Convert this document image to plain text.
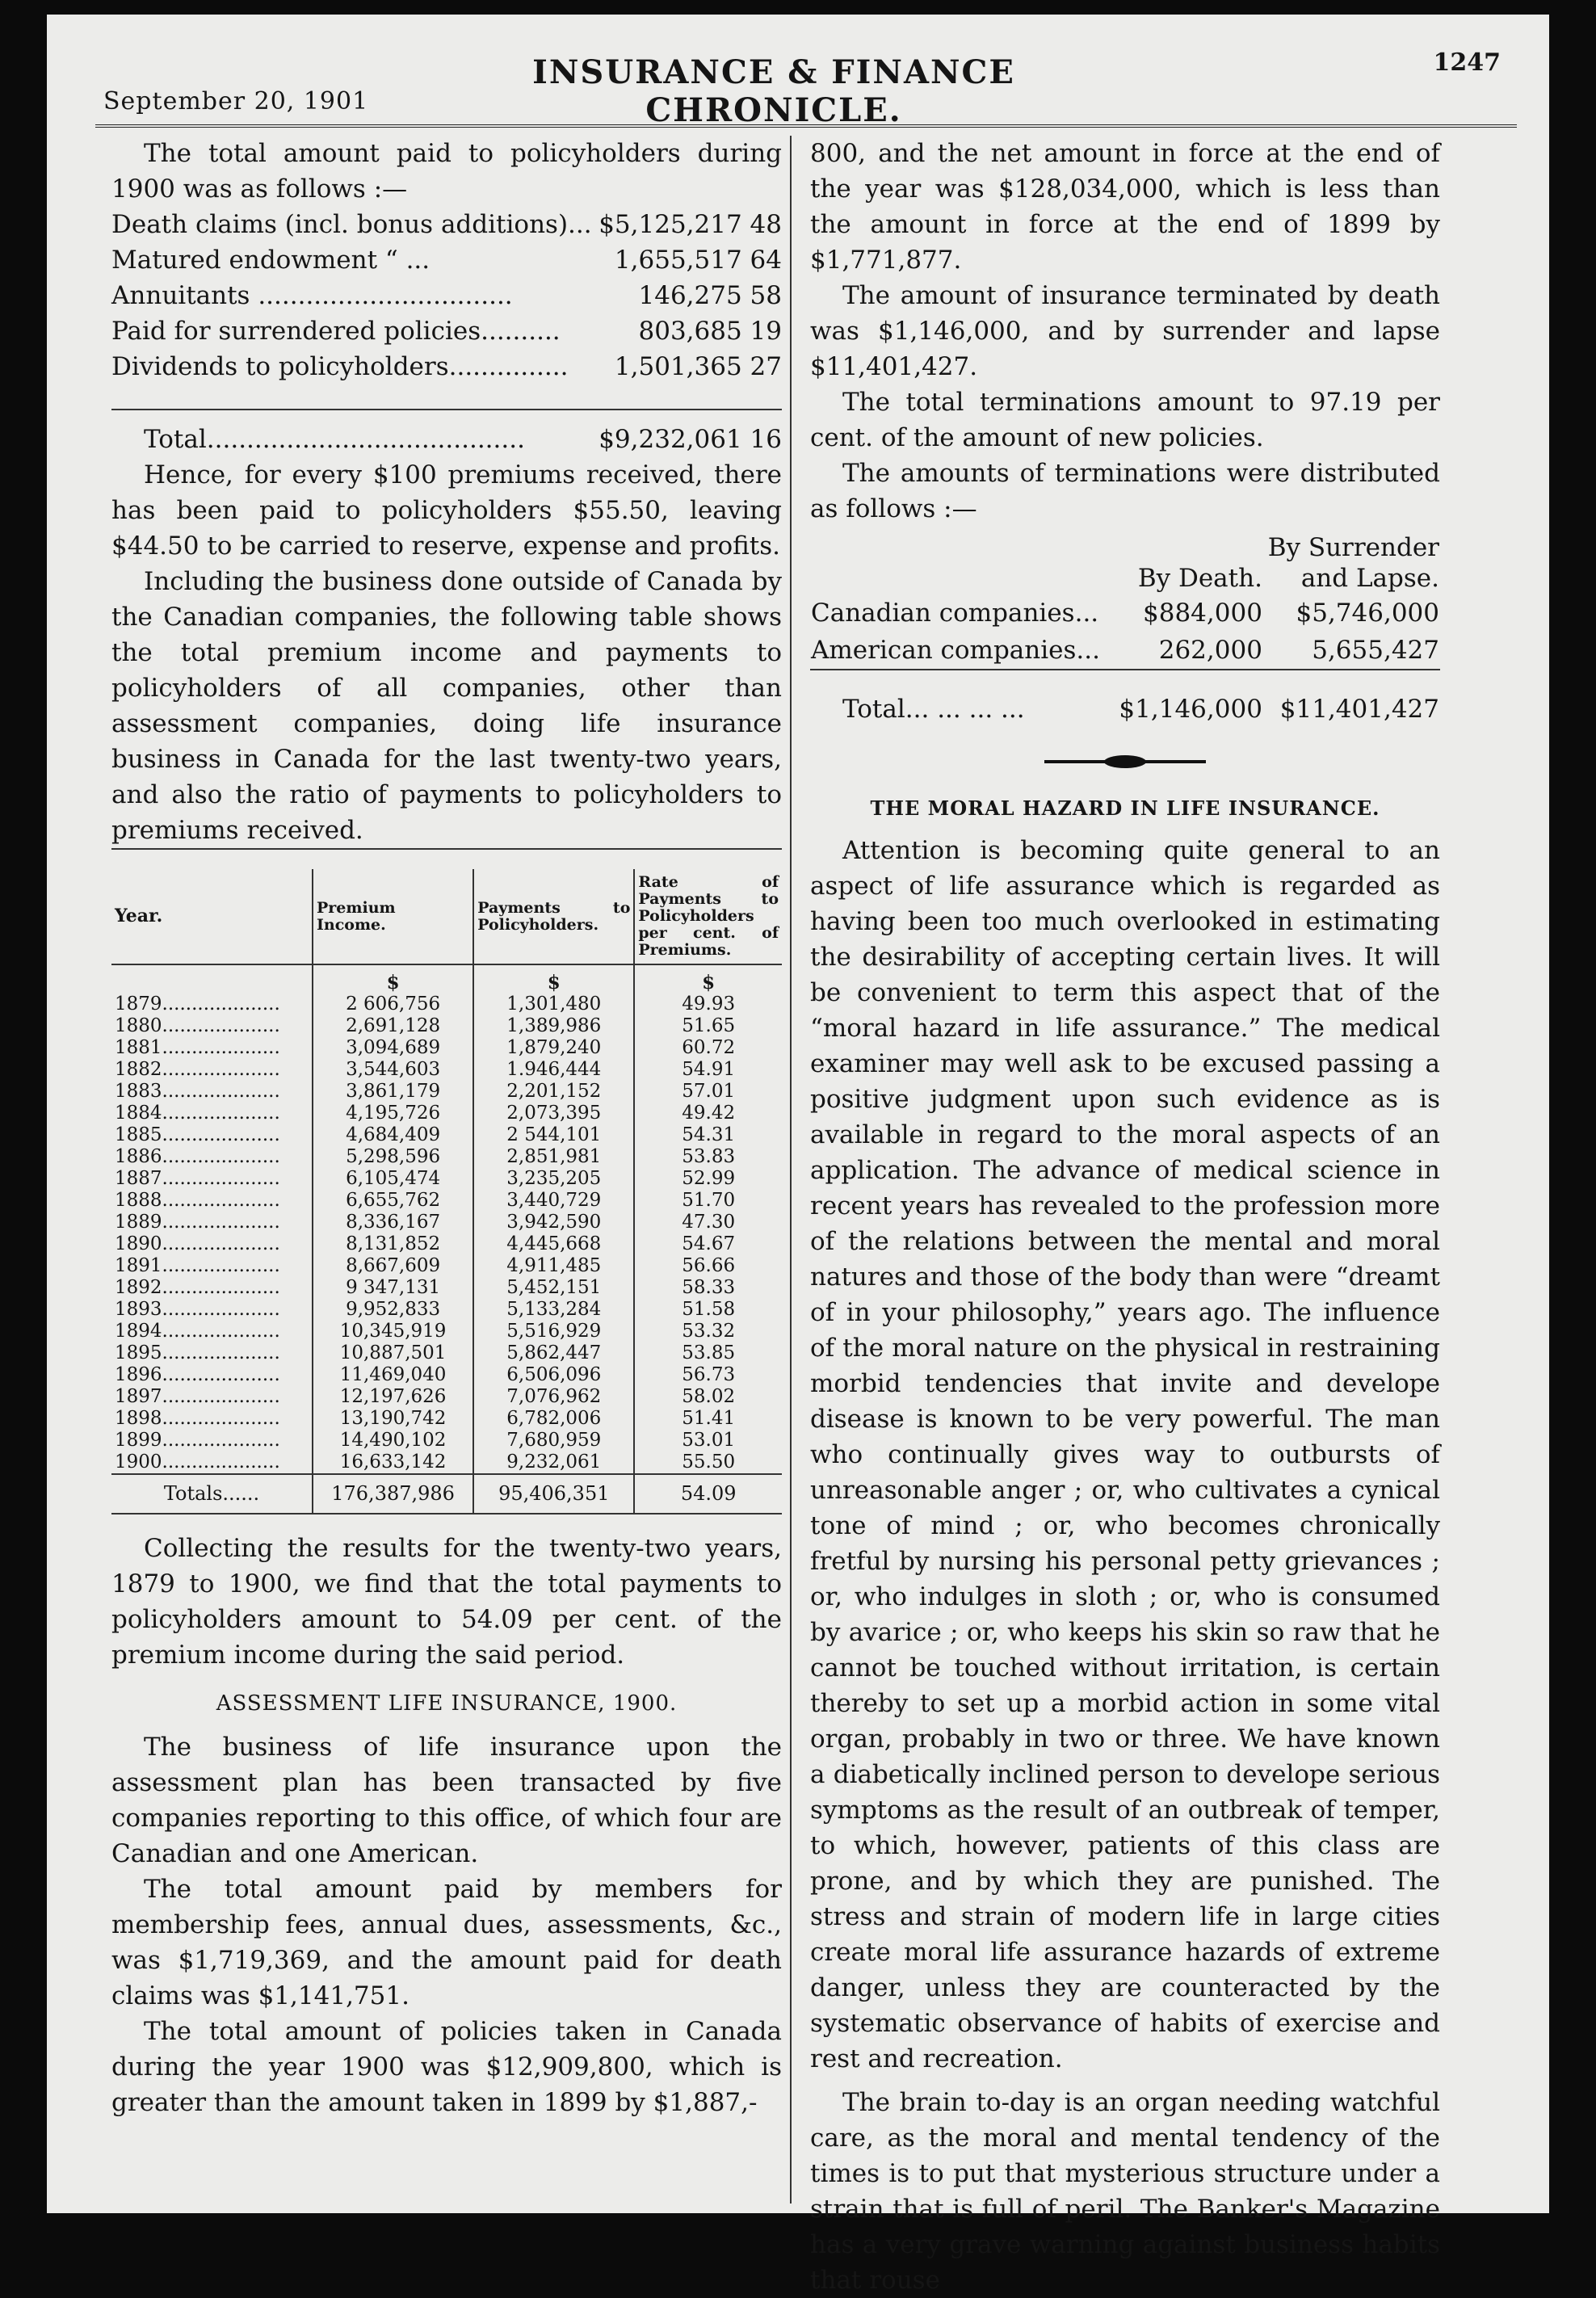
September 20, 1901
INSURANCE & FINANCE CHRONICLE.
1247

The total amount paid to policyholders during 1900 was as follows :—

Death claims (incl. bonus additions)... $5,125,217 48
Matured endowment “ ...	1,655,517 64
Annuitants ................................	146,275 58
Paid for surrendered policies..........	803,685 19
Dividends to policyholders...............	1,501,365 27
Total........................................	$9,232,061 16

Hence, for every $100 premiums received, there has been paid to policyholders $55.50, leaving $44.50 to be carried to reserve, expense and profits.

Including the business done outside of Canada by the Canadian companies, the following table shows the total premium income and payments to policyholders of all companies, other than assessment companies, doing life insurance business in Canada for the last twenty-two years, and also the ratio of payments to policyholders to premiums received.

Year.	Premium Income.	Payments to Policyholders.	Rate of Payments to Policyholders per cent. of Premiums.
	$	$	$
1879....................	2 606,756	1,301,480	49.93
1880....................	2,691,128	1,389,986	51.65
1881....................	3,094,689	1,879,240	60.72
1882....................	3,544,603	1.946,444	54.91
1883....................	3,861,179	2,201,152	57.01
1884....................	4,195,726	2,073,395	49.42
1885....................	4,684,409	2 544,101	54.31
1886....................	5,298,596	2,851,981	53.83
1887....................	6,105,474	3,235,205	52.99
1888....................	6,655,762	3,440,729	51.70
1889....................	8,336,167	3,942,590	47.30
1890....................	8,131,852	4,445,668	54.67
1891....................	8,667,609	4,911,485	56.66
1892....................	9 347,131	5,452,151	58.33
1893....................	9,952,833	5,133,284	51.58
1894....................	10,345,919	5,516,929	53.32
1895....................	10,887,501	5,862,447	53.85
1896....................	11,469,040	6,506,096	56.73
1897....................	12,197,626	7,076,962	58.02
1898....................	13,190,742	6,782,006	51.41
1899....................	14,490,102	7,680,959	53.01
1900....................	16,633,142	9,232,061	55.50
Totals......	176,387,986	95,406,351	54.09

Collecting the results for the twenty-two years, 1879 to 1900, we find that the total payments to policyholders amount to 54.09 per cent. of the premium income during the said period.

ASSESSMENT LIFE INSURANCE, 1900.

The business of life insurance upon the assessment plan has been transacted by five companies reporting to this office, of which four are Canadian and one American.

The total amount paid by members for membership fees, annual dues, assessments, &c., was $1,719,369, and the amount paid for death claims was $1,141,751.

The total amount of policies taken in Canada during the year 1900 was $12,909,800, which is greater than the amount taken in 1899 by $1,887,-

800, and the net amount in force at the end of the year was $128,034,000, which is less than the amount in force at the end of 1899 by $1,771,877.

The amount of insurance terminated by death was $1,146,000, and by surrender and lapse $11,401,427.

The total terminations amount to 97.19 per cent. of the amount of new policies.

The amounts of terminations were distributed as follows :—

	By Death.	By Surrender and Lapse.
Canadian companies...	$884,000	$5,746,000
American companies...	262,000	5,655,427
Total... ... ... ...	$1,146,000	$11,401,427
THE MORAL HAZARD IN LIFE INSURANCE.

Attention is becoming quite general to an aspect of life assurance which is regarded as having been too much overlooked in estimating the desirability of accepting certain lives. It will be convenient to term this aspect that of the “moral hazard in life assurance.” The medical examiner may well ask to be excused passing a positive judgment upon such evidence as is available in regard to the moral aspects of an application. The advance of medical science in recent years has revealed to the profession more of the relations between the mental and moral natures and those of the body than were “dreamt of in your philosophy,” years ago. The influence of the moral nature on the physical in restraining morbid tendencies that invite and develope disease is known to be very powerful. The man who continually gives way to outbursts of unreasonable anger ; or, who cultivates a cynical tone of mind ; or, who becomes chronically fretful by nursing his personal petty grievances ; or, who indulges in sloth ; or, who is consumed by avarice ; or, who keeps his skin so raw that he cannot be touched without irritation, is certain thereby to set up a morbid action in some vital organ, probably in two or three. We have known a diabetically inclined person to develope serious symptoms as the result of an outbreak of temper, to which, however, patients of this class are prone, and by which they are punished. The stress and strain of modern life in large cities create moral life assurance hazards of extreme danger, unless they are counteracted by the systematic observance of habits of exercise and rest and recreation.

The brain to-day is an organ needing watchful care, as the moral and mental tendency of the times is to put that mysterious structure under a strain that is full of peril. The Banker's Magazine has a very grave warning against business habits that rouse
